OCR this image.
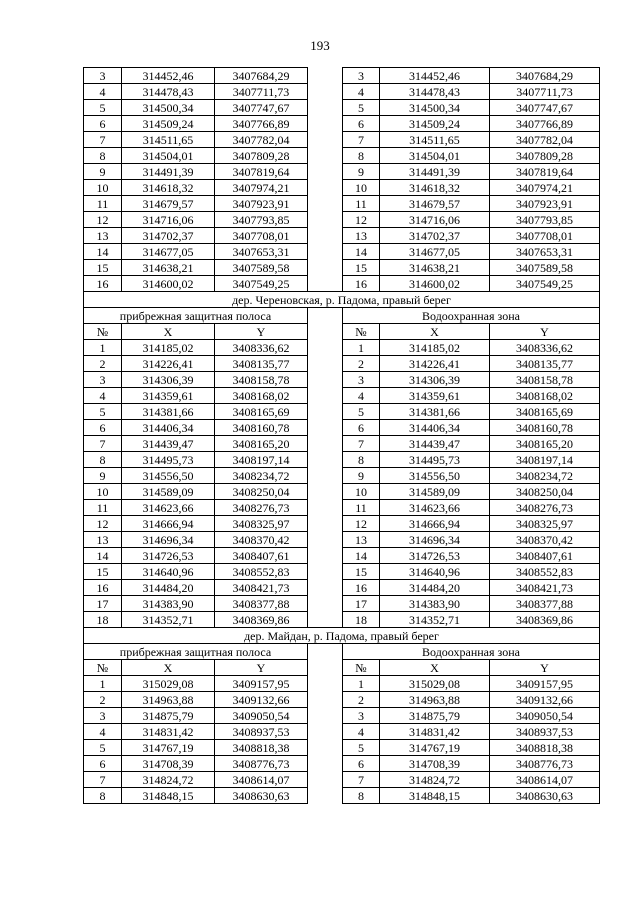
193
3	314452,46	3407684,29		3	314452,46	3407684,29
4	314478,43	3407711,73		4	314478,43	3407711,73
5	314500,34	3407747,67		5	314500,34	3407747,67
6	314509,24	3407766,89		6	314509,24	3407766,89
7	314511,65	3407782,04		7	314511,65	3407782,04
8	314504,01	3407809,28		8	314504,01	3407809,28
9	314491,39	3407819,64		9	314491,39	3407819,64
10	314618,32	3407974,21		10	314618,32	3407974,21
11	314679,57	3407923,91		11	314679,57	3407923,91
12	314716,06	3407793,85		12	314716,06	3407793,85
13	314702,37	3407708,01		13	314702,37	3407708,01
14	314677,05	3407653,31		14	314677,05	3407653,31
15	314638,21	3407589,58		15	314638,21	3407589,58
16	314600,02	3407549,25		16	314600,02	3407549,25
дер. Череновская, р. Падома, правый берег						
прибрежная защитная полоса				Водоохранная зона		
№	X	Y		№	X	Y
1	314185,02	3408336,62		1	314185,02	3408336,62
2	314226,41	3408135,77		2	314226,41	3408135,77
3	314306,39	3408158,78		3	314306,39	3408158,78
4	314359,61	3408168,02		4	314359,61	3408168,02
5	314381,66	3408165,69		5	314381,66	3408165,69
6	314406,34	3408160,78		6	314406,34	3408160,78
7	314439,47	3408165,20		7	314439,47	3408165,20
8	314495,73	3408197,14		8	314495,73	3408197,14
9	314556,50	3408234,72		9	314556,50	3408234,72
10	314589,09	3408250,04		10	314589,09	3408250,04
11	314623,66	3408276,73		11	314623,66	3408276,73
12	314666,94	3408325,97		12	314666,94	3408325,97
13	314696,34	3408370,42		13	314696,34	3408370,42
14	314726,53	3408407,61		14	314726,53	3408407,61
15	314640,96	3408552,83		15	314640,96	3408552,83
16	314484,20	3408421,73		16	314484,20	3408421,73
17	314383,90	3408377,88		17	314383,90	3408377,88
18	314352,71	3408369,86		18	314352,71	3408369,86
дер. Майдан, р. Падома, правый берег						
прибрежная защитная полоса				Водоохранная зона		
№	X	Y		№	X	Y
1	315029,08	3409157,95		1	315029,08	3409157,95
2	314963,88	3409132,66		2	314963,88	3409132,66
3	314875,79	3409050,54		3	314875,79	3409050,54
4	314831,42	3408937,53		4	314831,42	3408937,53
5	314767,19	3408818,38		5	314767,19	3408818,38
6	314708,39	3408776,73		6	314708,39	3408776,73
7	314824,72	3408614,07		7	314824,72	3408614,07
8	314848,15	3408630,63		8	314848,15	3408630,63
